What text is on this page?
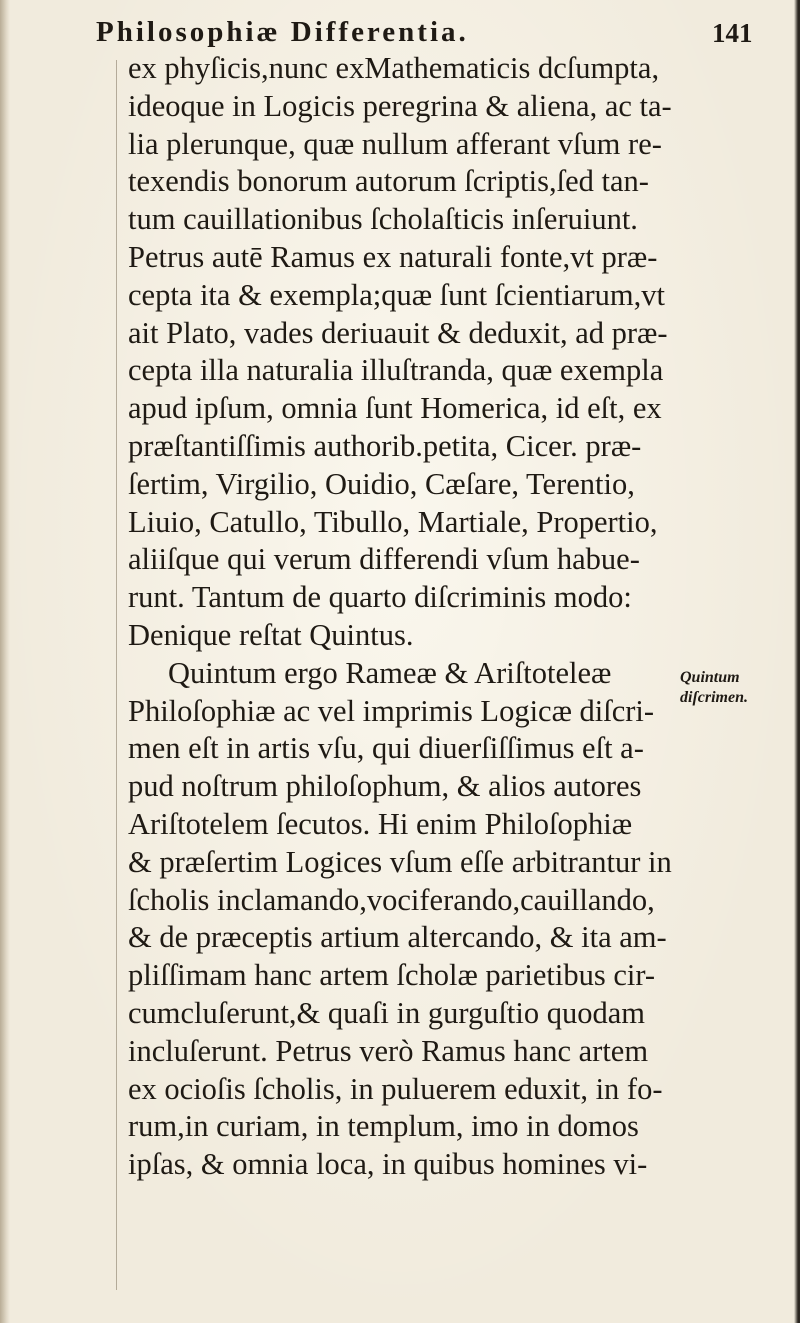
Philosophiæ Differentia.	141
ex phyſicis,nunc exMathematicis dcſumpta,
ideoque in Logicis peregrina & aliena, ac ta-
lia plerunque, quæ nullum afferant vſum re-
texendis bonorum autorum ſcriptis,ſed tan-
tum cauillationibus ſcholaſticis inſeruiunt.
Petrus autē Ramus ex naturali fonte,vt præ-
cepta ita & exempla;quæ ſunt ſcientiarum,vt
ait Plato, vades deriuauit & deduxit, ad præ-
cepta illa naturalia illuſtranda, quæ exempla
apud ipſum, omnia ſunt Homerica, id eſt, ex
præſtantiſſimis authorib.petita, Cicer. præ-
ſertim, Virgilio, Ouidio, Cæſare, Terentio,
Liuio, Catullo, Tibullo, Martiale, Propertio,
aliiſque qui verum differendi vſum habue-
runt. Tantum de quarto diſcriminis modo:
Denique reſtat Quintus.
Quintum ergo Rameæ & Ariſtoteleæ
Philoſophiæ ac vel imprimis Logicæ diſcri-
men eſt in artis vſu, qui diuerſiſſimus eſt a-
pud noſtrum philoſophum, & alios autores
Ariſtotelem ſecutos. Hi enim Philoſophiæ
& præſertim Logices vſum eſſe arbitrantur in
ſcholis inclamando,vociferando,cauillando,
& de præceptis artium altercando, & ita am-
pliſſimam hanc artem ſcholæ parietibus cir-
cumcluſerunt,& quaſi in gurguſtio quodam
incluſerunt. Petrus verò Ramus hanc artem
ex ocioſis ſcholis, in puluerem eduxit, in fo-
rum,in curiam, in templum, imo in domos
ipſas, & omnia loca, in quibus homines vi-
Quintum
diſcrimen.
